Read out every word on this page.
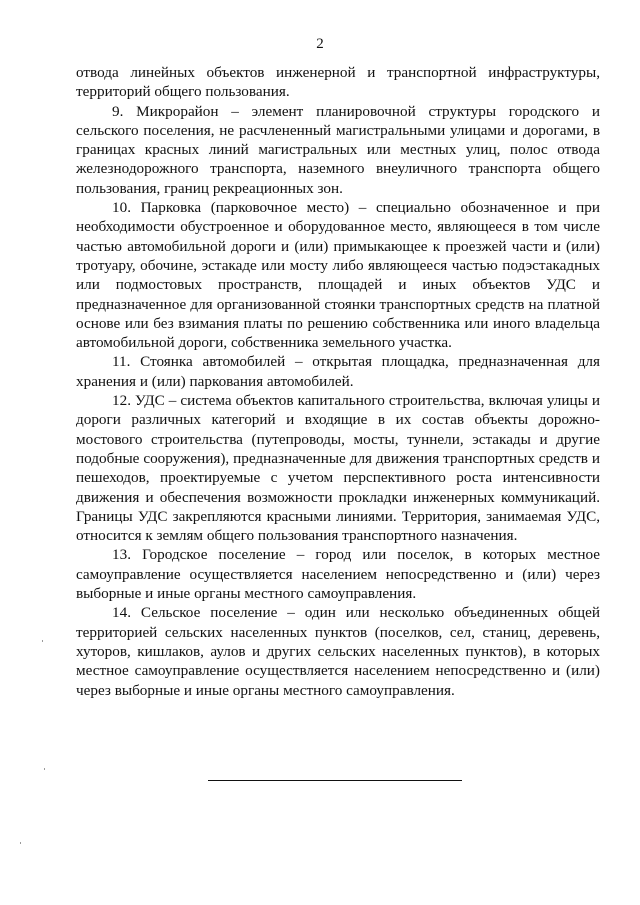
2

отвода линейных объектов инженерной и транспортной инфраструктуры, территорий общего пользования.

9. Микрорайон – элемент планировочной структуры городского и сельского поселения, не расчлененный магистральными улицами и дорогами, в границах красных линий магистральных или местных улиц, полос отвода железнодорожного транспорта, наземного внеуличного транспорта общего пользования, границ рекреационных зон.

10. Парковка (парковочное место) – специально обозначенное и при необходимости обустроенное и оборудованное место, являющееся в том числе частью автомобильной дороги и (или) примыкающее к проезжей части и (или) тротуару, обочине, эстакаде или мосту либо являющееся частью подэстакадных или подмостовых пространств, площадей и иных объектов УДС и предназначенное для организованной стоянки транспортных средств на платной основе или без взимания платы по решению собственника или иного владельца автомобильной дороги, собственника земельного участка.

11. Стоянка автомобилей – открытая площадка, предназначенная для хранения и (или) паркования автомобилей.

12. УДС – система объектов капитального строительства, включая улицы и дороги различных категорий и входящие в их состав объекты дорожно-мостового строительства (путепроводы, мосты, туннели, эстакады и другие подобные сооружения), предназначенные для движения транспортных средств и пешеходов, проектируемые с учетом перспективного роста интенсивности движения и обеспечения возможности прокладки инженерных коммуникаций. Границы УДС закрепляются красными линиями. Территория, занимаемая УДС, относится к землям общего пользования транспортного назначения.

13. Городское поселение – город или поселок, в которых местное самоуправление осуществляется населением непосредственно и (или) через выборные и иные органы местного самоуправления.

14. Сельское поселение – один или несколько объединенных общей территорией сельских населенных пунктов (поселков, сел, станиц, деревень, хуторов, кишлаков, аулов и других сельских населенных пунктов), в которых местное самоуправление осуществляется населением непосредственно и (или) через выборные и иные органы местного самоуправления.
